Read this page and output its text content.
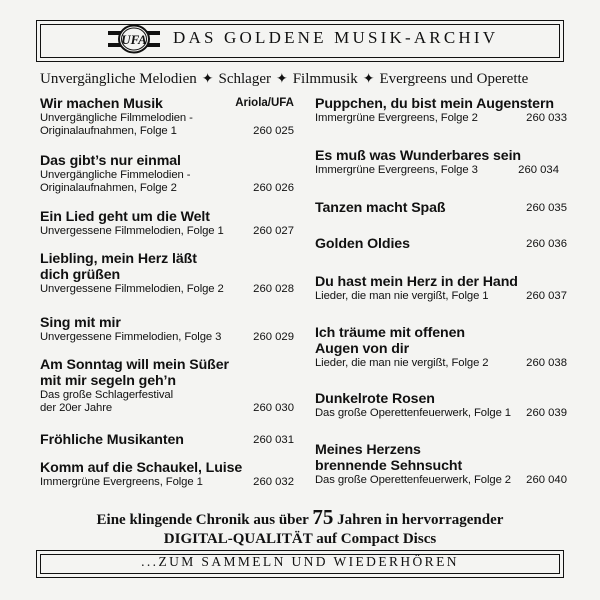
UFA DAS GOLDENE MUSIK-ARCHIV
Unvergängliche Melodien ✦ Schlager ✦ Filmmusik ✦ Evergreens und Operette
Wir machen Musik	Ariola/UFA
Unvergängliche Filmmelodien - Originalaufnahmen, Folge 1	260 025
Das gibt’s nur einmal
Unvergängliche Fimmelodien - Originalaufnahmen, Folge 2	260 026
Ein Lied geht um die Welt
Unvergessene Filmmelodien, Folge 1	260 027
Liebling, mein Herz läßt dich grüßen
Unvergessene Filmmelodien, Folge 2	260 028
Sing mit mir
Unvergessene Fimmelodien, Folge 3	260 029
Am Sonntag will mein Süßer mit mir segeln geh’n
Das große Schlagerfestival der 20er Jahre	260 030
Fröhliche Musikanten	260 031
Komm auf die Schaukel, Luise
Immergrüne Evergreens, Folge 1	260 032
Puppchen, du bist mein Augenstern
Immergrüne Evergreens, Folge 2	260 033
Es muß was Wunderbares sein
Immergrüne Evergreens, Folge 3	260 034
Tanzen macht Spaß	260 035
Golden Oldies	260 036
Du hast mein Herz in der Hand
Lieder, die man nie vergißt, Folge 1	260 037
Ich träume mit offenen Augen von dir
Lieder, die man nie vergißt, Folge 2	260 038
Dunkelrote Rosen
Das große Operettenfeuerwerk, Folge 1	260 039
Meines Herzens brennende Sehnsucht
Das große Operettenfeuerwerk, Folge 2	260 040
Eine klingende Chronik aus über 75 Jahren in hervorragender
DIGITAL-QUALITÄT auf Compact Discs
...ZUM SAMMELN UND WIEDERHÖREN
